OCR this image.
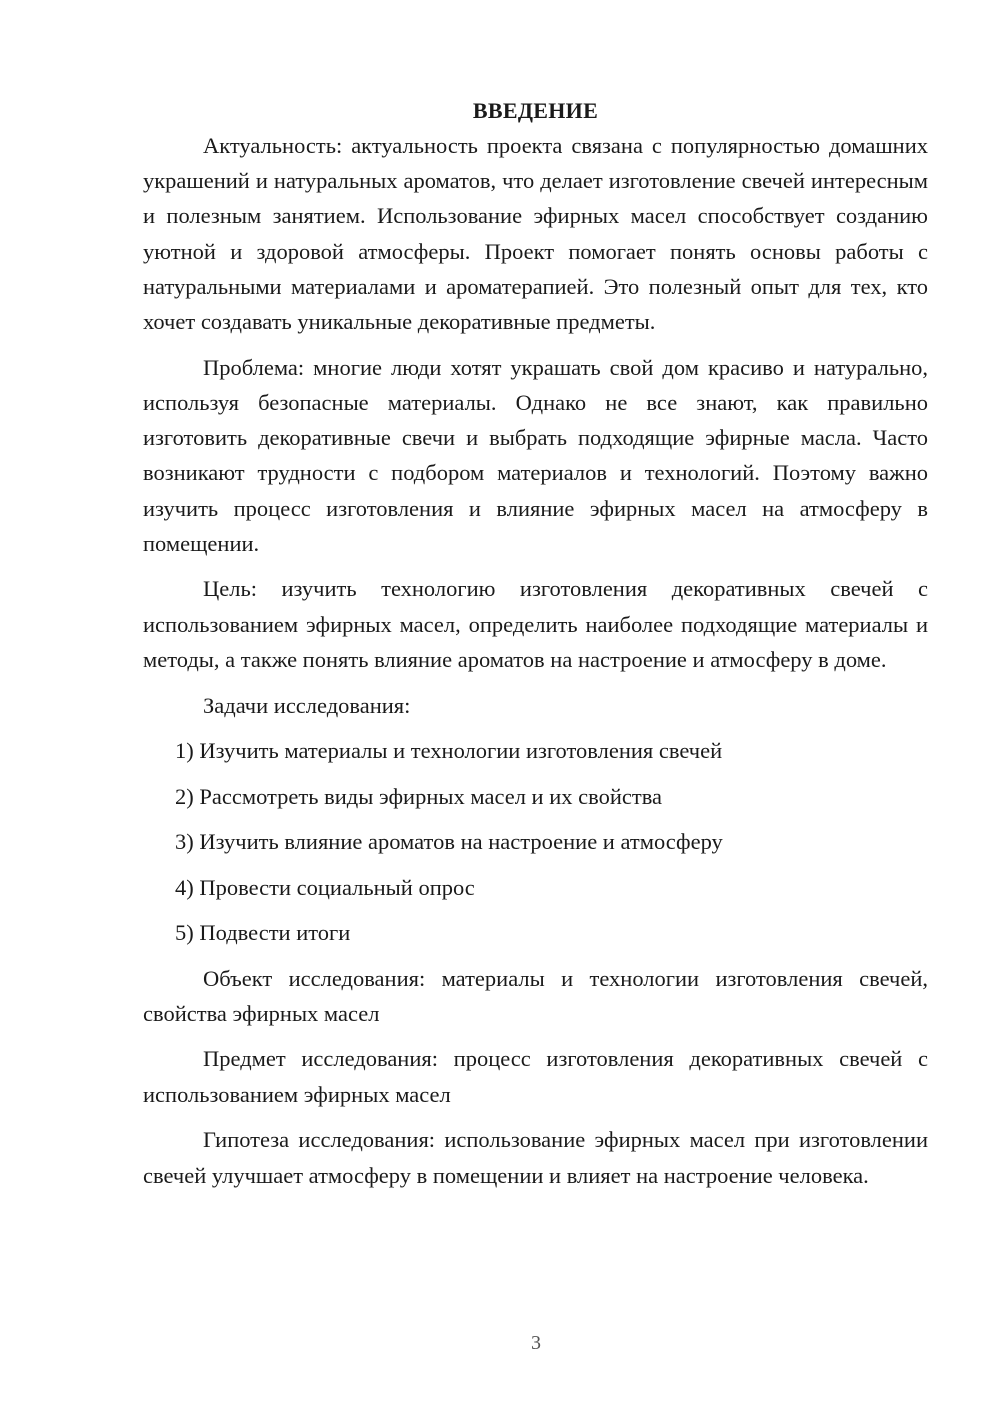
ВВЕДЕНИЕ

Актуальность: актуальность проекта связана с популярностью домашних украшений и натуральных ароматов, что делает изготовление свечей интересным и полезным занятием. Использование эфирных масел способствует созданию уютной и здоровой атмосферы. Проект помогает понять основы работы с натуральными материалами и ароматерапией. Это полезный опыт для тех, кто хочет создавать уникальные декоративные предметы.

Проблема: многие люди хотят украшать свой дом красиво и натурально, используя безопасные материалы. Однако не все знают, как правильно изготовить декоративные свечи и выбрать подходящие эфирные масла. Часто возникают трудности с подбором материалов и технологий. Поэтому важно изучить процесс изготовления и влияние эфирных масел на атмосферу в помещении.

Цель: изучить технологию изготовления декоративных свечей с использованием эфирных масел, определить наиболее подходящие материалы и методы, а также понять влияние ароматов на настроение и атмосферу в доме.

Задачи исследования:

1) Изучить материалы и технологии изготовления свечей

2) Рассмотреть виды эфирных масел и их свойства

3) Изучить влияние ароматов на настроение и атмосферу

4) Провести социальный опрос

5) Подвести итоги

Объект исследования: материалы и технологии изготовления свечей, свойства эфирных масел

Предмет исследования: процесс изготовления декоративных свечей с использованием эфирных масел

Гипотеза исследования: использование эфирных масел при изготовлении свечей улучшает атмосферу в помещении и влияет на настроение человека.

3
